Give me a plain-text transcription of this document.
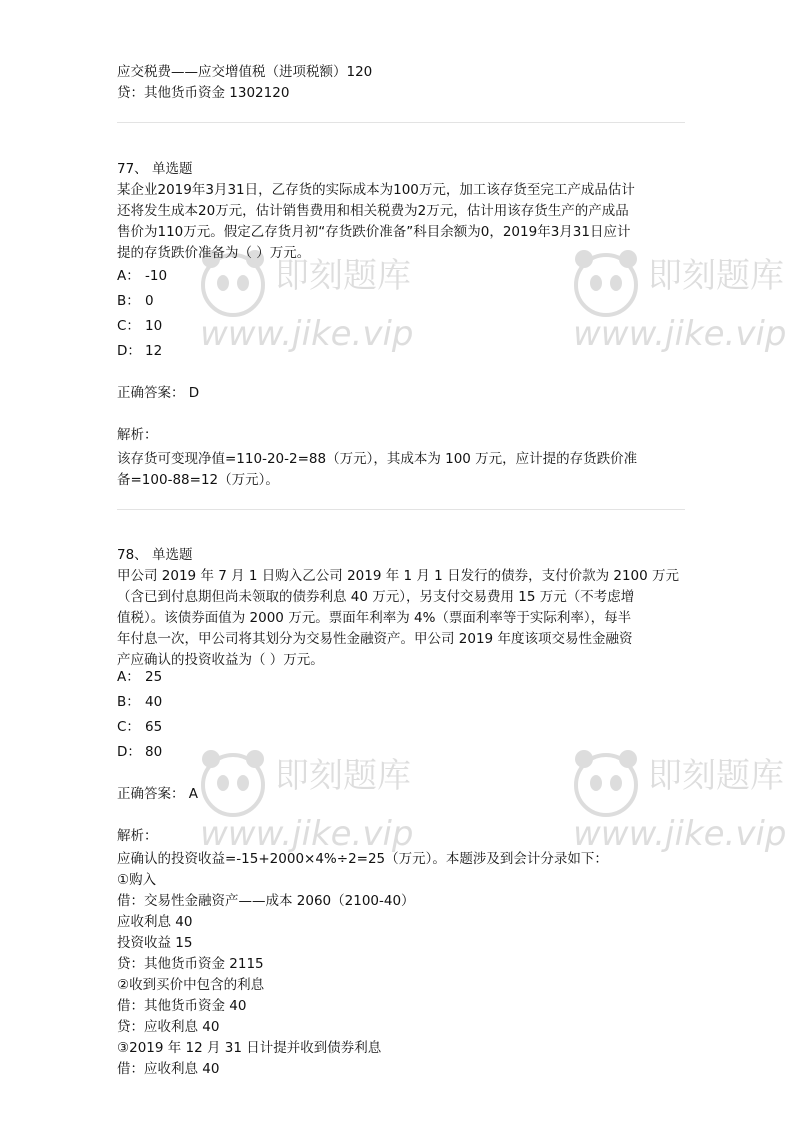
即刻题库
www.jike.vip
即刻题库
www.jike.vip
即刻题库
www.jike.vip
即刻题库
www.jike.vip
应交税费——应交增值税（进项税额）120
贷：其他货币资金 1302120
77、 单选题
某企业2019年3月31日，乙存货的实际成本为100万元，加工该存货至完工产成品估计
还将发生成本20万元，估计销售费用和相关税费为2万元，估计用该存货生产的产成品
售价为110万元。假定乙存货月初“存货跌价准备”科目余额为0，2019年3月31日应计
提的存货跌价准备为（ ）万元。
A： -10
B： 0
C： 10
D： 12
正确答案： D
解析：
该存货可变现净值=110-20-2=88（万元），其成本为 100 万元，应计提的存货跌价准
备=100-88=12（万元）。
78、 单选题
甲公司 2019 年 7 月 1 日购入乙公司 2019 年 1 月 1 日发行的债券，支付价款为 2100 万元
（含已到付息期但尚未领取的债券利息 40 万元），另支付交易费用 15 万元（不考虑增
值税）。该债券面值为 2000 万元。票面年利率为 4%（票面利率等于实际利率），每半
年付息一次，甲公司将其划分为交易性金融资产。甲公司 2019 年度该项交易性金融资
产应确认的投资收益为（ ）万元。
A： 25
B： 40
C： 65
D： 80
正确答案： A
解析：
应确认的投资收益=-15+2000×4%÷2=25（万元）。本题涉及到会计分录如下：
①购入
借：交易性金融资产——成本 2060（2100-40）
应收利息 40
投资收益 15
贷：其他货币资金 2115
②收到买价中包含的利息
借：其他货币资金 40
贷：应收利息 40
③2019 年 12 月 31 日计提并收到债券利息
借：应收利息 40
